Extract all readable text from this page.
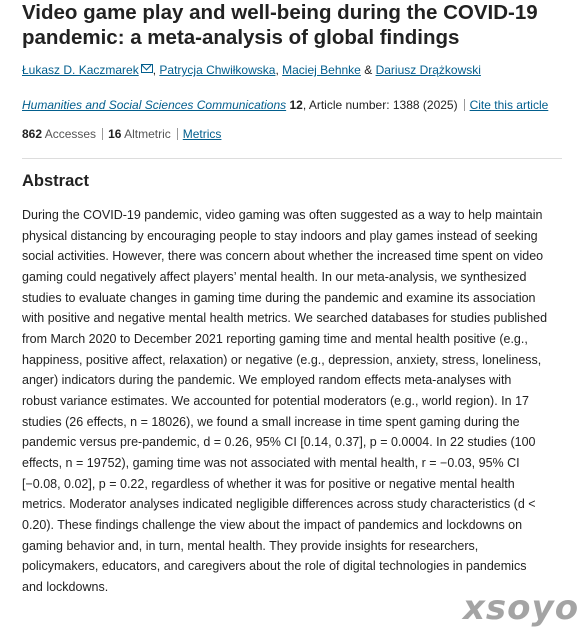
Video game play and well-being during the COVID-19
pandemic: a meta-analysis of global findings
Łukasz D. Kaczmarek , Patrycja Chwiłkowska, Maciej Behnke & Dariusz Drążkowski
Humanities and Social Sciences Communications 12, Article number: 1388 (2025) Cite this article
862 Accesses 16 Altmetric Metrics
Abstract
During the COVID-19 pandemic, video gaming was often suggested as a way to help maintain
physical distancing by encouraging people to stay indoors and play games instead of seeking
social activities. However, there was concern about whether the increased time spent on video
gaming could negatively affect players’ mental health. In our meta-analysis, we synthesized
studies to evaluate changes in gaming time during the pandemic and examine its association
with positive and negative mental health metrics. We searched databases for studies published
from March 2020 to December 2021 reporting gaming time and mental health positive (e.g.,
happiness, positive affect, relaxation) or negative (e.g., depression, anxiety, stress, loneliness,
anger) indicators during the pandemic. We employed random effects meta-analyses with
robust variance estimates. We accounted for potential moderators (e.g., world region). In 17
studies (26 effects, n = 18026), we found a small increase in time spent gaming during the
pandemic versus pre-pandemic, d = 0.26, 95% CI [0.14, 0.37], p = 0.0004. In 22 studies (100
effects, n = 19752), gaming time was not associated with mental health, r = −0.03, 95% CI
[−0.08, 0.02], p = 0.22, regardless of whether it was for positive or negative mental health
metrics. Moderator analyses indicated negligible differences across study characteristics (d <
0.20). These findings challenge the view about the impact of pandemics and lockdowns on
gaming behavior and, in turn, mental health. They provide insights for researchers,
policymakers, educators, and caregivers about the role of digital technologies in pandemics
and lockdowns.
xsoyo
